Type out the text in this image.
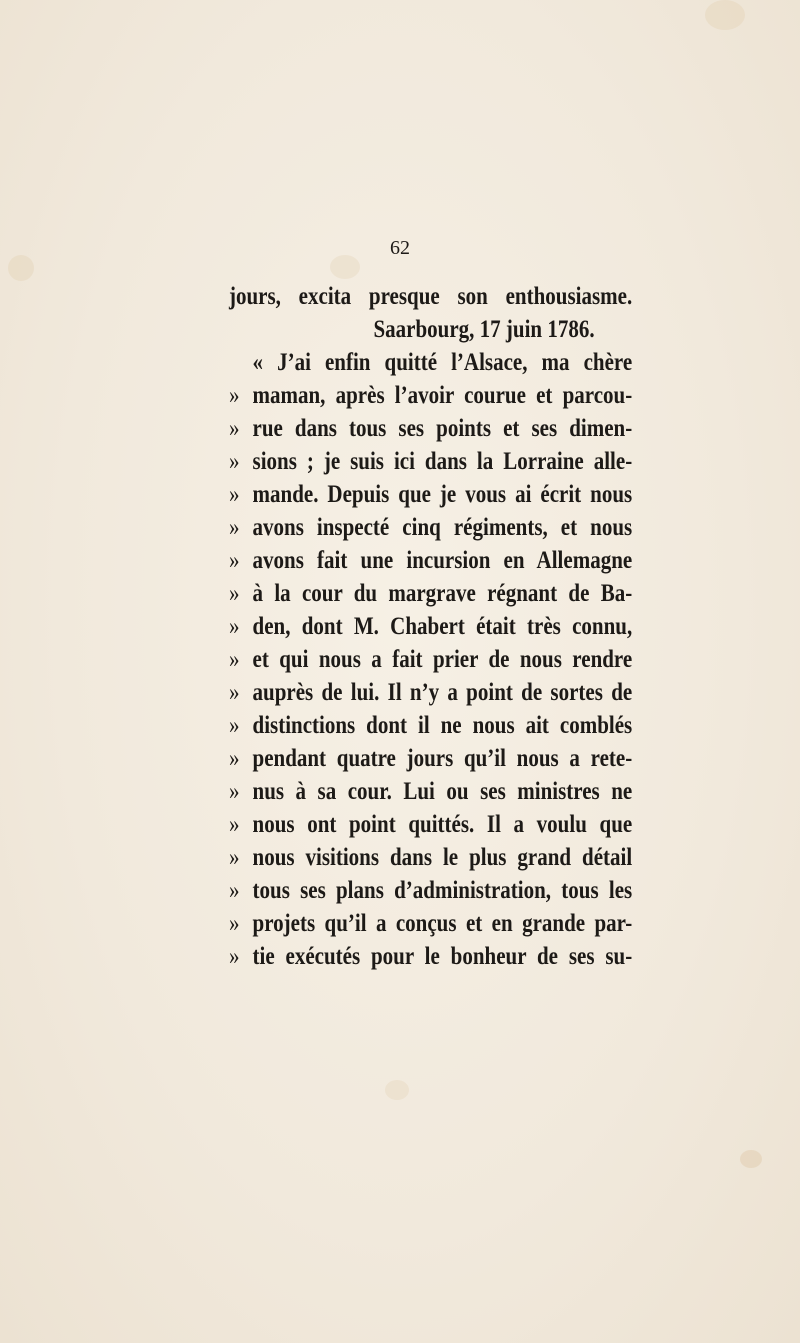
62
jours, excita presque son enthousiasme.
Saarbourg, 17 juin 1786.
« J’ai enfin quitté l’Alsace, ma chère
» maman, après l’avoir courue et parcou-
» rue dans tous ses points et ses dimen-
» sions ; je suis ici dans la Lorraine alle-
» mande. Depuis que je vous ai écrit nous
» avons inspecté cinq régiments, et nous
» avons fait une incursion en Allemagne
» à la cour du margrave régnant de Ba-
» den, dont M. Chabert était très connu,
» et qui nous a fait prier de nous rendre
» auprès de lui. Il n’y a point de sortes de
» distinctions dont il ne nous ait comblés
» pendant quatre jours qu’il nous a rete-
» nus à sa cour. Lui ou ses ministres ne
» nous ont point quittés. Il a voulu que
» nous visitions dans le plus grand détail
» tous ses plans d’administration, tous les
» projets qu’il a conçus et en grande par-
» tie exécutés pour le bonheur de ses su-
